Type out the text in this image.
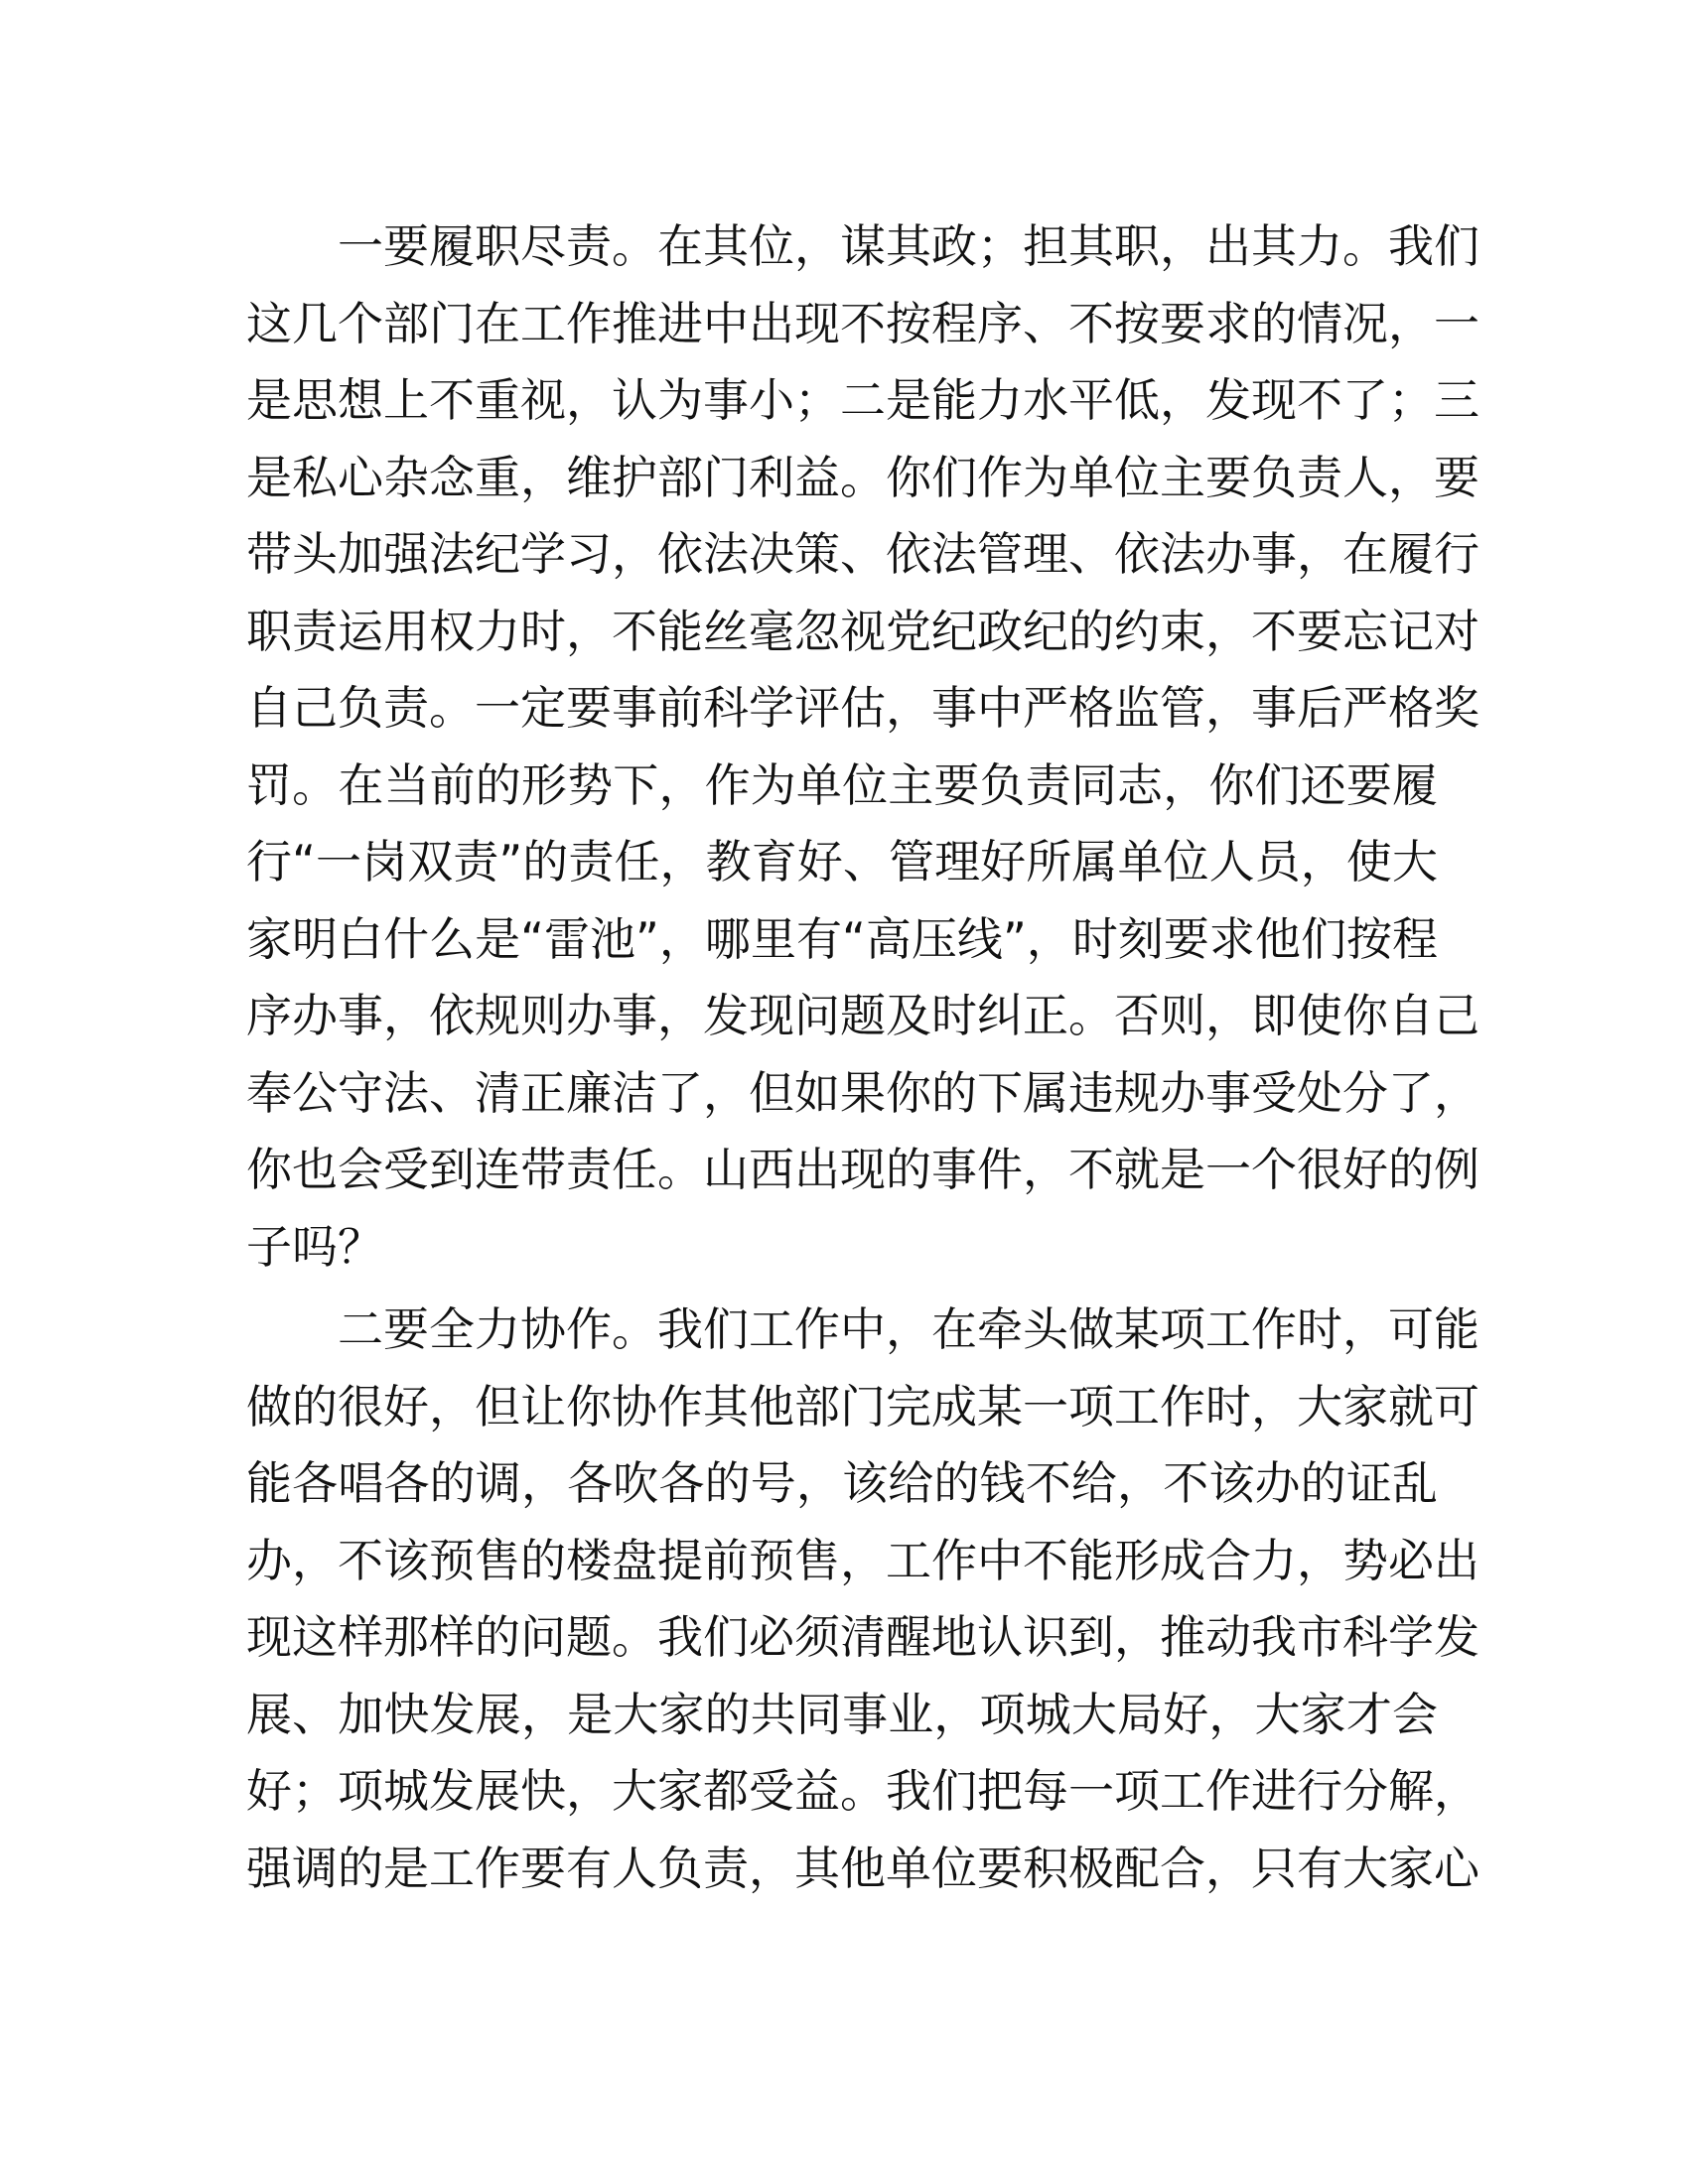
一要履职尽责。在其位，谋其政；担其职，出其力。我们
这几个部门在工作推进中出现不按程序、不按要求的情况，一
是思想上不重视，认为事小；二是能力水平低，发现不了；三
是私心杂念重，维护部门利益。你们作为单位主要负责人，要
带头加强法纪学习，依法决策、依法管理、依法办事，在履行
职责运用权力时，不能丝毫忽视党纪政纪的约束，不要忘记对
自己负责。一定要事前科学评估，事中严格监管，事后严格奖
罚。在当前的形势下，作为单位主要负责同志，你们还要履
行“一岗双责”的责任，教育好、管理好所属单位人员，使大
家明白什么是“雷池”，哪里有“高压线”，时刻要求他们按程
序办事，依规则办事，发现问题及时纠正。否则，即使你自己
奉公守法、清正廉洁了，但如果你的下属违规办事受处分了，
你也会受到连带责任。山西出现的事件，不就是一个很好的例
子吗？
二要全力协作。我们工作中，在牵头做某项工作时，可能
做的很好，但让你协作其他部门完成某一项工作时，大家就可
能各唱各的调，各吹各的号，该给的钱不给，不该办的证乱
办，不该预售的楼盘提前预售，工作中不能形成合力，势必出
现这样那样的问题。我们必须清醒地认识到，推动我市科学发
展、加快发展，是大家的共同事业，项城大局好，大家才会
好；项城发展快，大家都受益。我们把每一项工作进行分解，
强调的是工作要有人负责，其他单位要积极配合，只有大家心
